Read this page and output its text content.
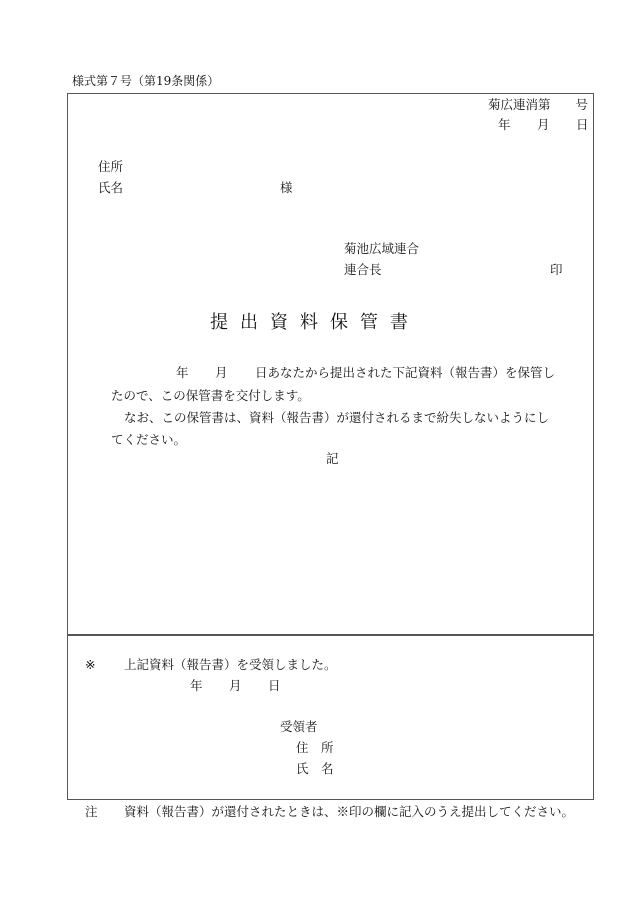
様式第７号（第19条関係）
菊広連消第　　号
年 月 日
住所
氏名	様
菊池広域連合
連合長	印
提出資料保管書
年 月 日あなたから提出された下記資料（報告書）を保管し
たので、この保管書を交付します。
なお、この保管書は、資料（報告書）が還付されるまで紛失しないようにし
てください。
記
※ 上記資料（報告書）を受領しました。
年 月 日
受領者
住　所
氏　名
注 資料（報告書）が還付されたときは、※印の欄に記入のうえ提出してください。
